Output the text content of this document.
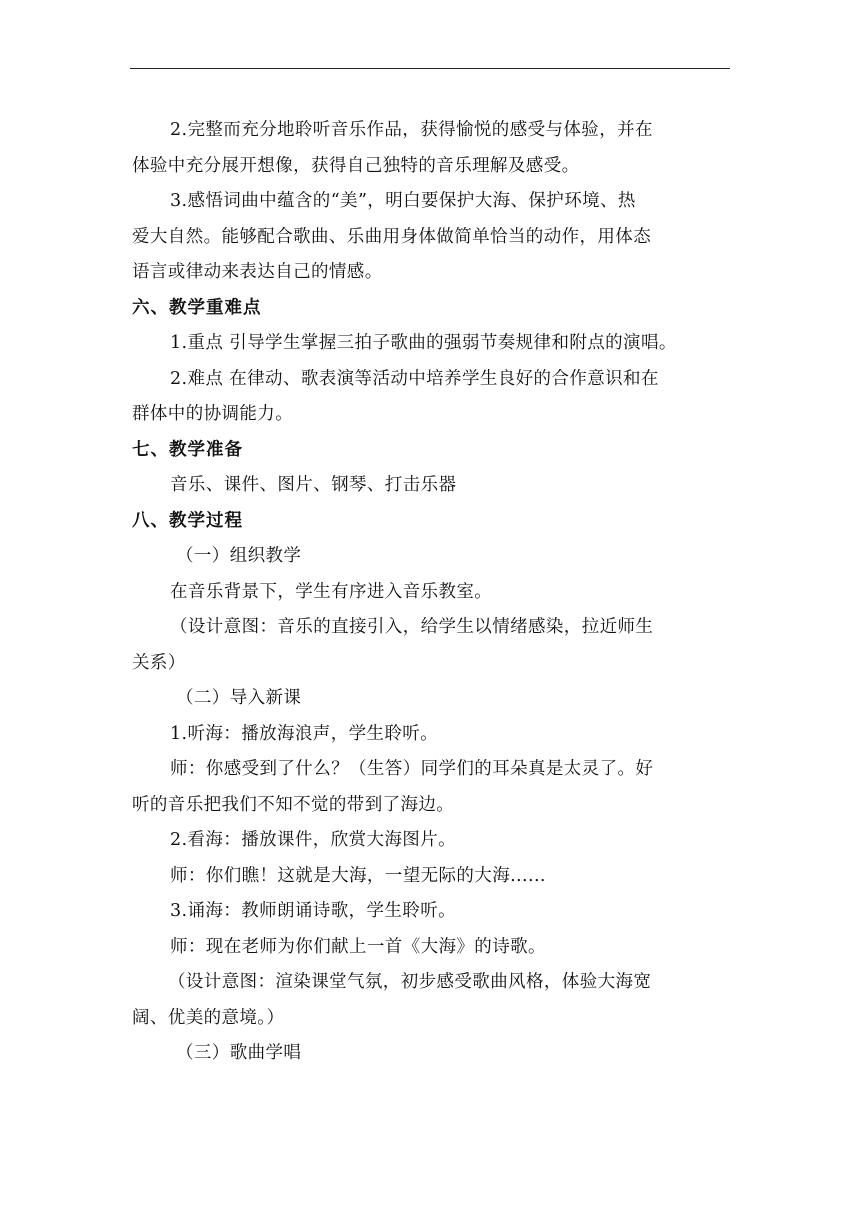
2.完整而充分地聆听音乐作品，获得愉悦的感受与体验，并在

体验中充分展开想像，获得自己独特的音乐理解及感受。

3.感悟词曲中蕴含的“美”，明白要保护大海、保护环境、热

爱大自然。能够配合歌曲、乐曲用身体做简单恰当的动作，用体态

语言或律动来表达自己的情感。

六、教学重难点

1.重点 引导学生掌握三拍子歌曲的强弱节奏规律和附点的演唱。

2.难点 在律动、歌表演等活动中培养学生良好的合作意识和在

群体中的协调能力。

七、教学准备

音乐、课件、图片、钢琴、打击乐器

八、教学过程

（一）组织教学

在音乐背景下，学生有序进入音乐教室。

（设计意图：音乐的直接引入，给学生以情绪感染，拉近师生

关系）

（二）导入新课

1.听海：播放海浪声，学生聆听。

师：你感受到了什么？（生答）同学们的耳朵真是太灵了。好

听的音乐把我们不知不觉的带到了海边。

2.看海：播放课件，欣赏大海图片。

师：你们瞧！这就是大海，一望无际的大海......

3.诵海：教师朗诵诗歌，学生聆听。

师：现在老师为你们献上一首《大海》的诗歌。

（设计意图：渲染课堂气氛，初步感受歌曲风格，体验大海宽

阔、优美的意境。）

（三）歌曲学唱
